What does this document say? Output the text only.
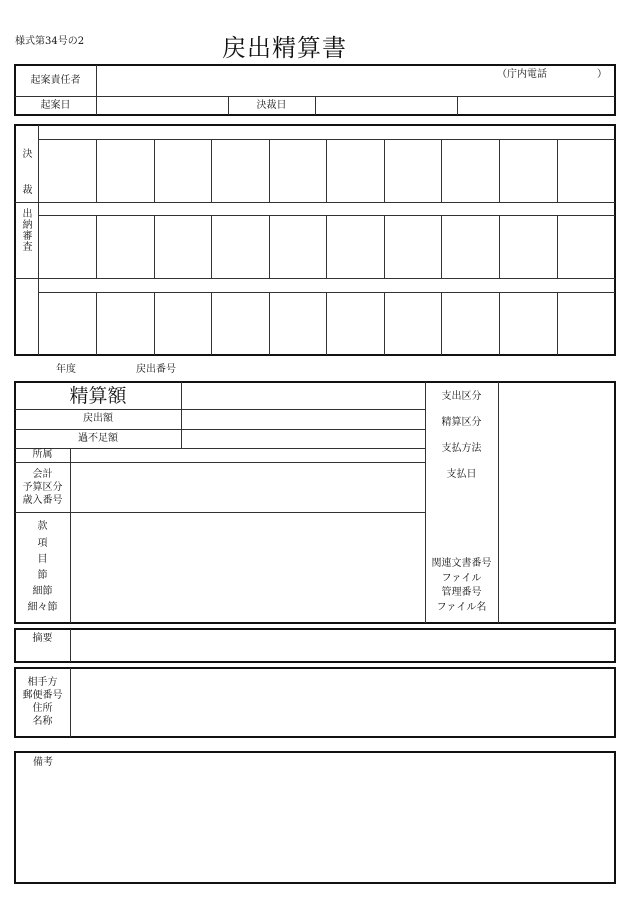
様式第34号の2	戻出精算書
起案責任者
（庁内電話　　　　　）
起案日	決裁日
決　裁
出納審査
年度	戻出番号
精算額
戻出額
過不足額
所属
会計
予算区分
歳入番号
款
項
目
節
細節
細々節
支出区分
精算区分
支払方法
支払日
関連文書番号
ファイル
管理番号
ファイル名
摘要
相手方
郵便番号
住所
名称
備考
